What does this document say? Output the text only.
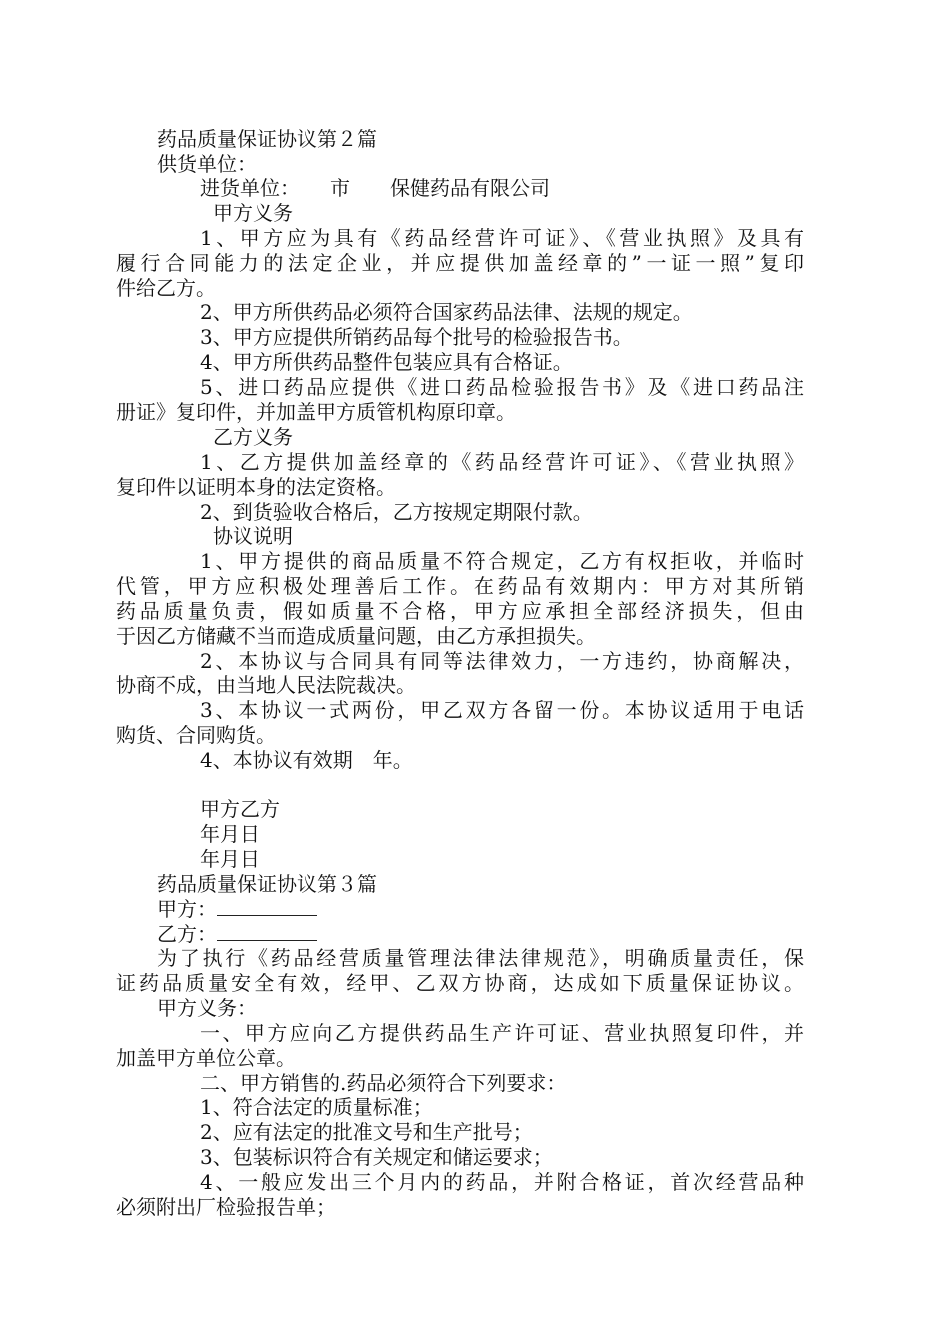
药品质量保证协议第２篇
供货单位：
进货单位：　　市　　保健药品有限公司
甲方义务
1、甲方应为具有《药品经营许可证》、《营业执照》及具有
履行合同能力的法定企业，并应提供加盖经章的”一证一照”复印
件给乙方。
2、甲方所供药品必须符合国家药品法律、法规的规定。
3、甲方应提供所销药品每个批号的检验报告书。
4、甲方所供药品整件包装应具有合格证。
5、进口药品应提供《进口药品检验报告书》及《进口药品注
册证》复印件，并加盖甲方质管机构原印章。
乙方义务
1、乙方提供加盖经章的《药品经营许可证》、《营业执照》
复印件以证明本身的法定资格。
2、到货验收合格后，乙方按规定期限付款。
协议说明
1、甲方提供的商品质量不符合规定，乙方有权拒收，并临时
代管，甲方应积极处理善后工作。在药品有效期内：甲方对其所销
药品质量负责，假如质量不合格，甲方应承担全部经济损失，但由
于因乙方储藏不当而造成质量问题，由乙方承担损失。
2、本协议与合同具有同等法律效力，一方违约，协商解决，
协商不成，由当地人民法院裁决。
3、本协议一式两份，甲乙双方各留一份。本协议适用于电话
购货、合同购货。
4、本协议有效期　年。
甲方乙方
年月日
年月日
药品质量保证协议第３篇
甲方：
乙方：
为了执行《药品经营质量管理法律法律规范》，明确质量责任，保
证药品质量安全有效，经甲、乙双方协商，达成如下质量保证协议。
甲方义务：
一、甲方应向乙方提供药品生产许可证、营业执照复印件，并
加盖甲方单位公章。
二、甲方销售的.药品必须符合下列要求：
1、符合法定的质量标准；
2、应有法定的批准文号和生产批号；
3、包装标识符合有关规定和储运要求；
4、一般应发出三个月内的药品，并附合格证，首次经营品种
必须附出厂检验报告单；
